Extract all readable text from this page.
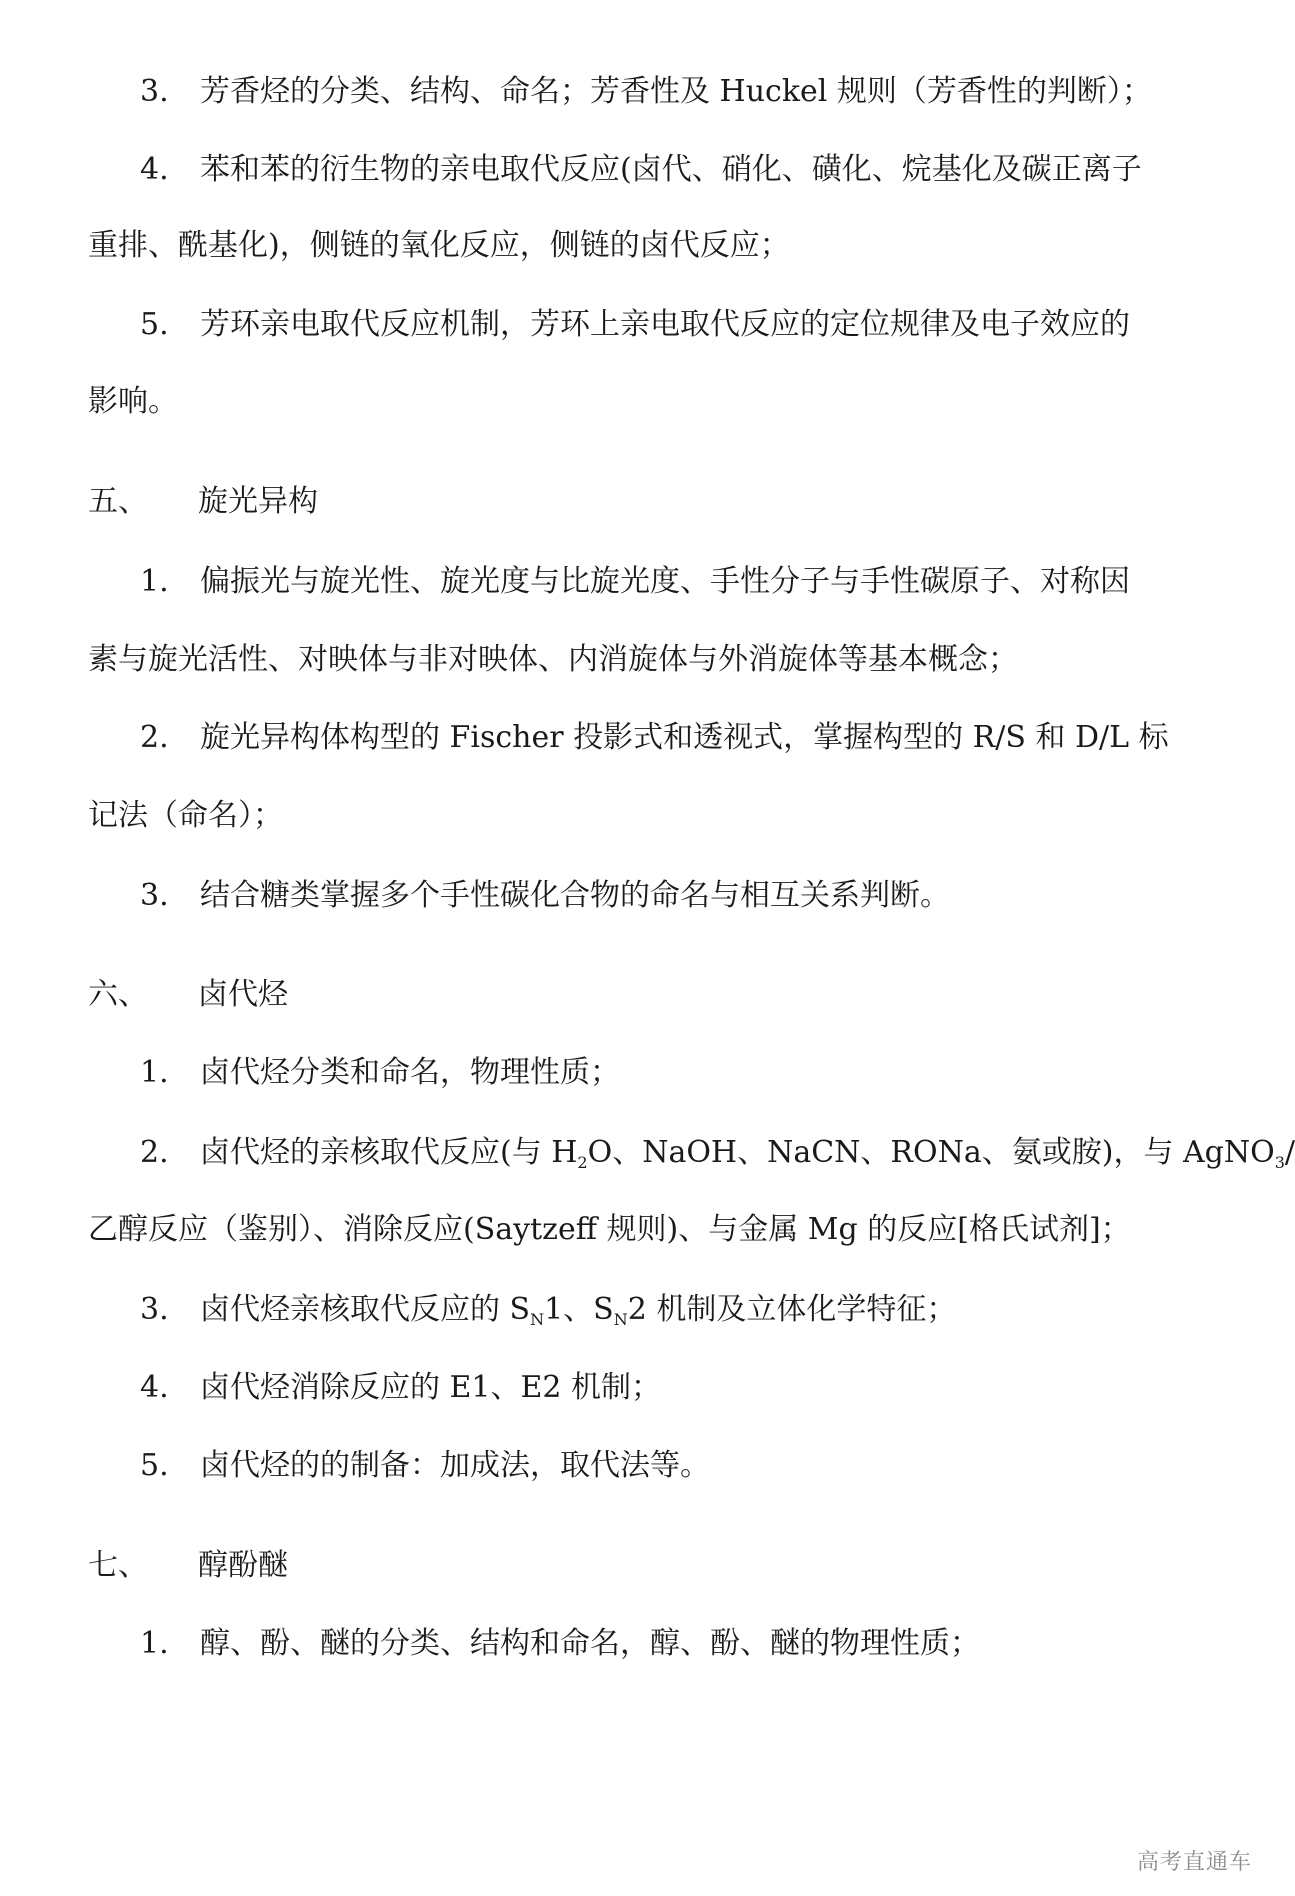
3. 芳香烃的分类、结构、命名；芳香性及 Huckel 规则（芳香性的判断）；
4. 苯和苯的衍生物的亲电取代反应(卤代、硝化、磺化、烷基化及碳正离子
重排、酰基化)，侧链的氧化反应，侧链的卤代反应；
5. 芳环亲电取代反应机制，芳环上亲电取代反应的定位规律及电子效应的
影响。
五、 旋光异构
1. 偏振光与旋光性、旋光度与比旋光度、手性分子与手性碳原子、对称因
素与旋光活性、对映体与非对映体、内消旋体与外消旋体等基本概念；
2. 旋光异构体构型的 Fischer 投影式和透视式，掌握构型的 R/S 和 D/L 标
记法（命名）；
3. 结合糖类掌握多个手性碳化合物的命名与相互关系判断。
六、 卤代烃
1. 卤代烃分类和命名，物理性质；
2. 卤代烃的亲核取代反应(与 $H_2O$、NaOH、NaCN、RONa、氨或胺)，与 AgNO$_3$/
乙醇反应（鉴别）、消除反应(Saytzeff 规则)、与金属 Mg 的反应[格氏试剂]；
3. 卤代烃亲核取代反应的 $S_N1$、$S_N2$ 机制及立体化学特征；
4. 卤代烃消除反应的 E1、E2 机制；
5. 卤代烃的的制备：加成法，取代法等。
七、 醇酚醚
1. 醇、酚、醚的分类、结构和命名，醇、酚、醚的物理性质；
高考直通车
